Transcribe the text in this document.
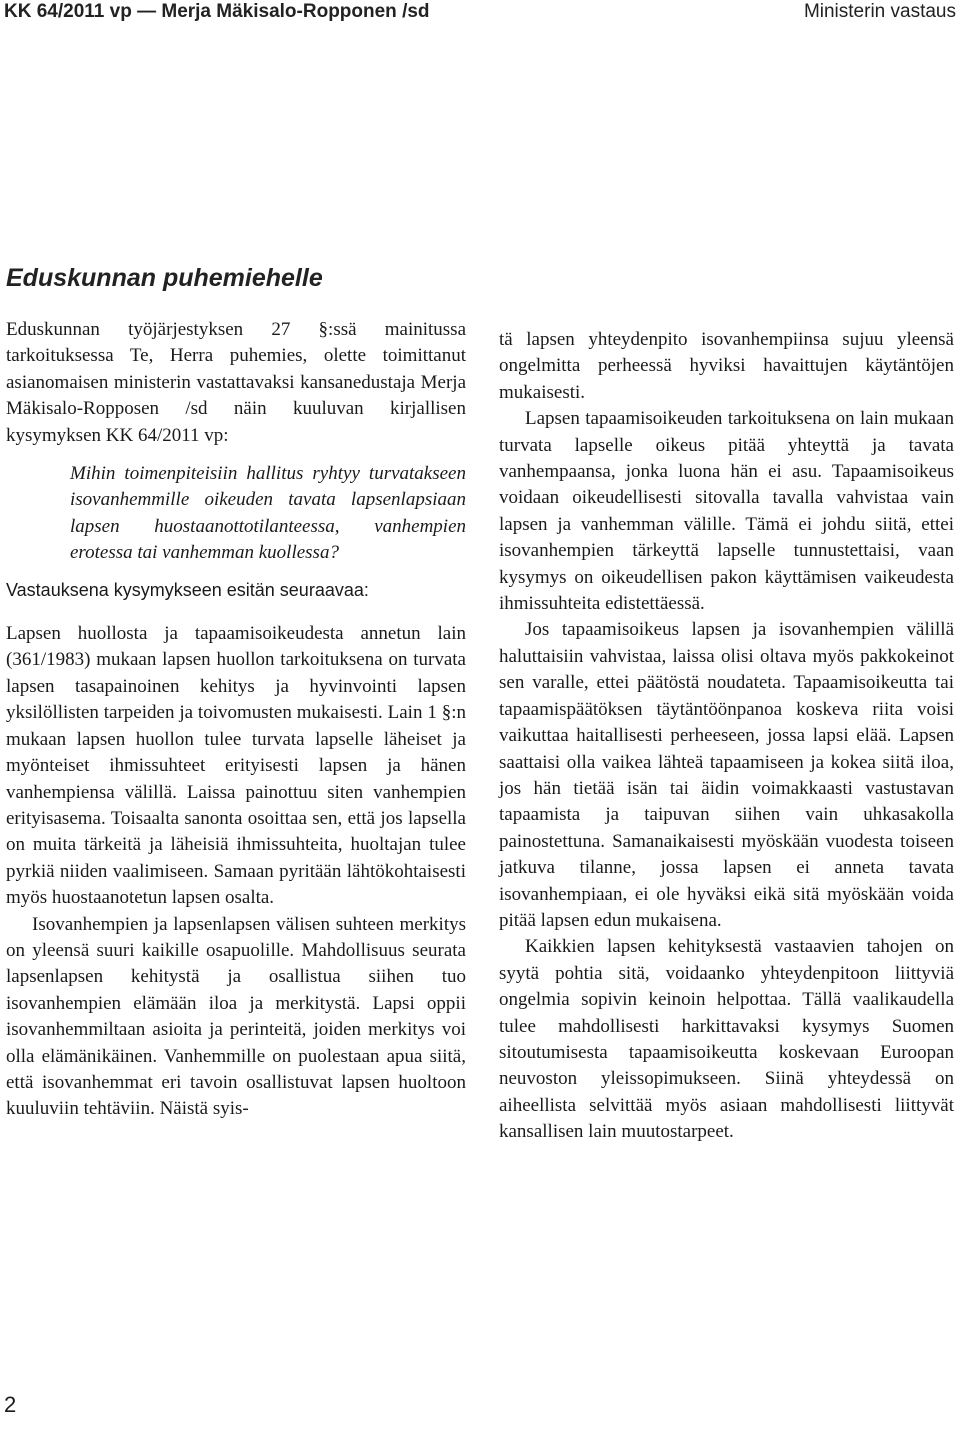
KK 64/2011 vp — Merja Mäkisalo-Ropponen /sd	Ministerin vastaus
Eduskunnan puhemiehelle

Eduskunnan työjärjestyksen 27 §:ssä mainitussa tarkoituksessa Te, Herra puhemies, olette toimittanut asianomaisen ministerin vastattavaksi kansanedustaja Merja Mäkisalo-Ropposen /sd näin kuuluvan kirjallisen kysymyksen KK 64/2011 vp:

Mihin toimenpiteisiin hallitus ryhtyy turvatakseen isovanhemmille oikeuden tavata lapsenlapsiaan lapsen huostaanottotilanteessa, vanhempien erotessa tai vanhemman kuollessa?

Vastauksena kysymykseen esitän seuraavaa:

Lapsen huollosta ja tapaamisoikeudesta annetun lain (361/1983) mukaan lapsen huollon tarkoituksena on turvata lapsen tasapainoinen kehitys ja hyvinvointi lapsen yksilöllisten tarpeiden ja toivomusten mukaisesti. Lain 1 §:n mukaan lapsen huollon tulee turvata lapselle läheiset ja myönteiset ihmissuhteet erityisesti lapsen ja hänen vanhempiensa välillä. Laissa painottuu siten vanhempien erityisasema. Toisaalta sanonta osoittaa sen, että jos lapsella on muita tärkeitä ja läheisiä ihmissuhteita, huoltajan tulee pyrkiä niiden vaalimiseen. Samaan pyritään lähtökohtaisesti myös huostaanotetun lapsen osalta.

Isovanhempien ja lapsenlapsen välisen suhteen merkitys on yleensä suuri kaikille osapuolille. Mahdollisuus seurata lapsenlapsen kehitystä ja osallistua siihen tuo isovanhempien elämään iloa ja merkitystä. Lapsi oppii isovanhemmiltaan asioita ja perinteitä, joiden merkitys voi olla elämänikäinen. Vanhemmille on puolestaan apua siitä, että isovanhemmat eri tavoin osallistuvat lapsen huoltoon kuuluviin tehtäviin. Näistä syis-

tä lapsen yhteydenpito isovanhempiinsa sujuu yleensä ongelmitta perheessä hyviksi havaittujen käytäntöjen mukaisesti.

Lapsen tapaamisoikeuden tarkoituksena on lain mukaan turvata lapselle oikeus pitää yhteyttä ja tavata vanhempaansa, jonka luona hän ei asu. Tapaamisoikeus voidaan oikeudellisesti sitovalla tavalla vahvistaa vain lapsen ja vanhemman välille. Tämä ei johdu siitä, ettei isovanhempien tärkeyttä lapselle tunnustettaisi, vaan kysymys on oikeudellisen pakon käyttämisen vaikeudesta ihmissuhteita edistettäessä.

Jos tapaamisoikeus lapsen ja isovanhempien välillä haluttaisiin vahvistaa, laissa olisi oltava myös pakkokeinot sen varalle, ettei päätöstä noudateta. Tapaamisoikeutta tai tapaamispäätöksen täytäntöönpanoa koskeva riita voisi vaikuttaa haitallisesti perheeseen, jossa lapsi elää. Lapsen saattaisi olla vaikea lähteä tapaamiseen ja kokea siitä iloa, jos hän tietää isän tai äidin voimakkaasti vastustavan tapaamista ja taipuvan siihen vain uhkasakolla painostettuna. Samanaikaisesti myöskään vuodesta toiseen jatkuva tilanne, jossa lapsen ei anneta tavata isovanhempiaan, ei ole hyväksi eikä sitä myöskään voida pitää lapsen edun mukaisena.

Kaikkien lapsen kehityksestä vastaavien tahojen on syytä pohtia sitä, voidaanko yhteydenpitoon liittyviä ongelmia sopivin keinoin helpottaa. Tällä vaalikaudella tulee mahdollisesti harkittavaksi kysymys Suomen sitoutumisesta tapaamisoikeutta koskevaan Euroopan neuvoston yleissopimukseen. Siinä yhteydessä on aiheellista selvittää myös asiaan mahdollisesti liittyvät kansallisen lain muutostarpeet.

2
